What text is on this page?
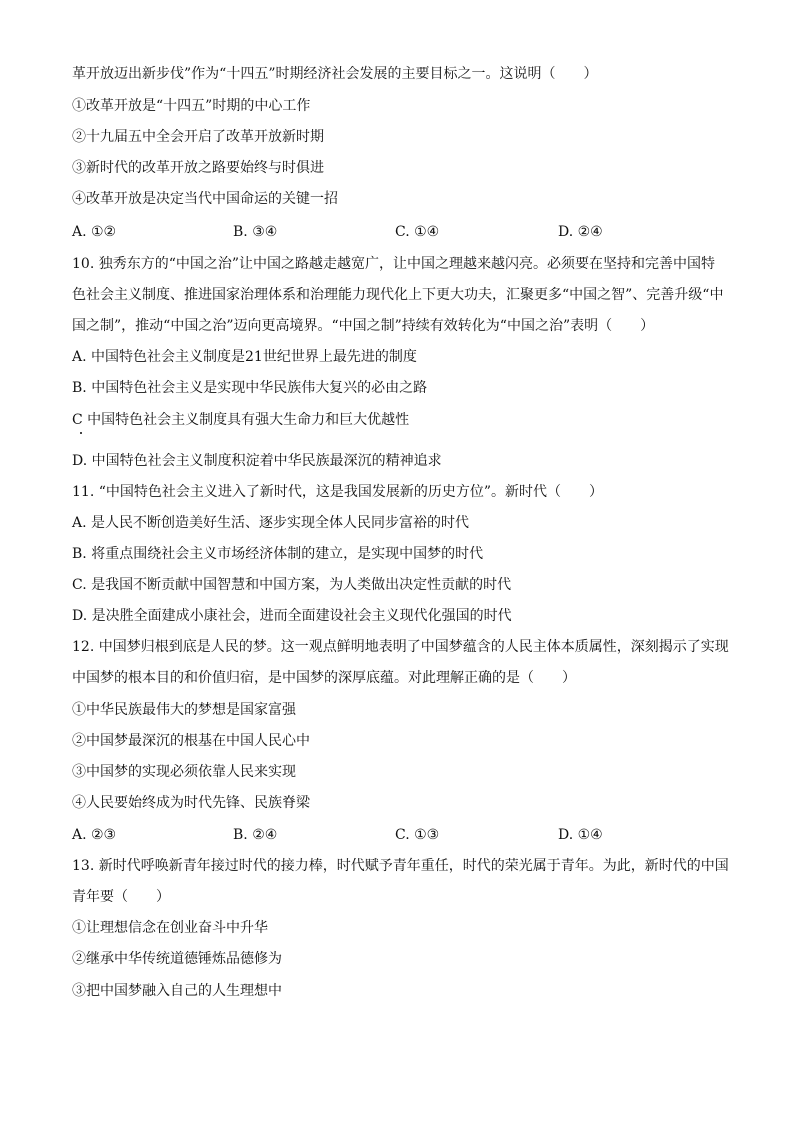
革开放迈出新步伐”作为“十四五”时期经济社会发展的主要目标之一。这说明（　　）
①改革开放是“十四五”时期的中心工作
②十九届五中全会开启了改革开放新时期
③新时代的改革开放之路要始终与时俱进
④改革开放是决定当代中国命运的关键一招
A. ①②	B. ③④	C. ①④	D. ②④
10. 独秀东方的“中国之治”让中国之路越走越宽广，让中国之理越来越闪亮。必须要在坚持和完善中国特
色社会主义制度、推进国家治理体系和治理能力现代化上下更大功夫，汇聚更多“中国之智”、完善升级“中
国之制”，推动“中国之治”迈向更高境界。“中国之制”持续有效转化为“中国之治”表明（　　）
A. 中国特色社会主义制度是21世纪世界上最先进的制度
B. 中国特色社会主义是实现中华民族伟大复兴的必由之路
C 中国特色社会主义制度具有强大生命力和巨大优越性
D. 中国特色社会主义制度积淀着中华民族最深沉的精神追求
11. “中国特色社会主义进入了新时代，这是我国发展新的历史方位”。新时代（　　）
A. 是人民不断创造美好生活、逐步实现全体人民同步富裕的时代
B. 将重点围绕社会主义市场经济体制的建立，是实现中国梦的时代
C. 是我国不断贡献中国智慧和中国方案，为人类做出决定性贡献的时代
D. 是决胜全面建成小康社会，进而全面建设社会主义现代化强国的时代
12. 中国梦归根到底是人民的梦。这一观点鲜明地表明了中国梦蕴含的人民主体本质属性，深刻揭示了实现
中国梦的根本目的和价值归宿，是中国梦的深厚底蕴。对此理解正确的是（　　）
①中华民族最伟大的梦想是国家富强
②中国梦最深沉的根基在中国人民心中
③中国梦的实现必须依靠人民来实现
④人民要始终成为时代先锋、民族脊梁
A. ②③	B. ②④	C. ①③	D. ①④
13. 新时代呼唤新青年接过时代的接力棒，时代赋予青年重任，时代的荣光属于青年。为此，新时代的中国
青年要（　　）
①让理想信念在创业奋斗中升华
②继承中华传统道德锤炼品德修为
③把中国梦融入自己的人生理想中
